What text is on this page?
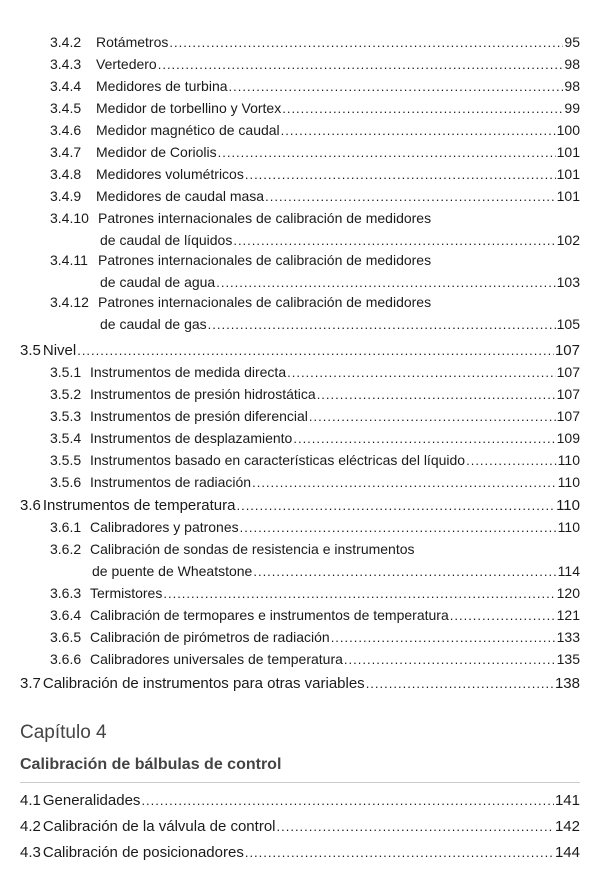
3.4.2	Rotámetros .....	95
3.4.3	Vertedero .....	98
3.4.4	Medidores de turbina .....	98
3.4.5	Medidor de torbellino y Vortex .....	99
3.4.6	Medidor magnético de caudal .....	100
3.4.7	Medidor de Coriolis .....	101
3.4.8	Medidores volumétricos .....	101
3.4.9	Medidores de caudal masa .....	101
3.4.10 Patrones internacionales de calibración de medidores
de caudal de líquidos .....	102
3.4.11 Patrones internacionales de calibración de medidores
de caudal de agua .....	103
3.4.12 Patrones internacionales de calibración de medidores
de caudal de gas .....	105
3.5 Nivel .....	107
3.5.1 Instrumentos de medida directa .....	107
3.5.2 Instrumentos de presión hidrostática .....	107
3.5.3 Instrumentos de presión diferencial .....	107
3.5.4 Instrumentos de desplazamiento .....	109
3.5.5 Instrumentos basado en características eléctricas del líquido .....	110
3.5.6 Instrumentos de radiación .....	110
3.6 Instrumentos de temperatura .....	110
3.6.1 Calibradores y patrones .....	110
3.6.2 Calibración de sondas de resistencia e instrumentos
de puente de Wheatstone .....	114
3.6.3 Termistores .....	120
3.6.4 Calibración de termopares e instrumentos de temperatura .....	121
3.6.5 Calibración de pirómetros de radiación .....	133
3.6.6 Calibradores universales de temperatura .....	135
3.7 Calibración de instrumentos para otras variables .....	138
Capítulo 4
Calibración de bálbulas de control
4.1 Generalidades .....	141
4.2 Calibración de la válvula de control .....	142
4.3 Calibración de posicionadores .....	144
